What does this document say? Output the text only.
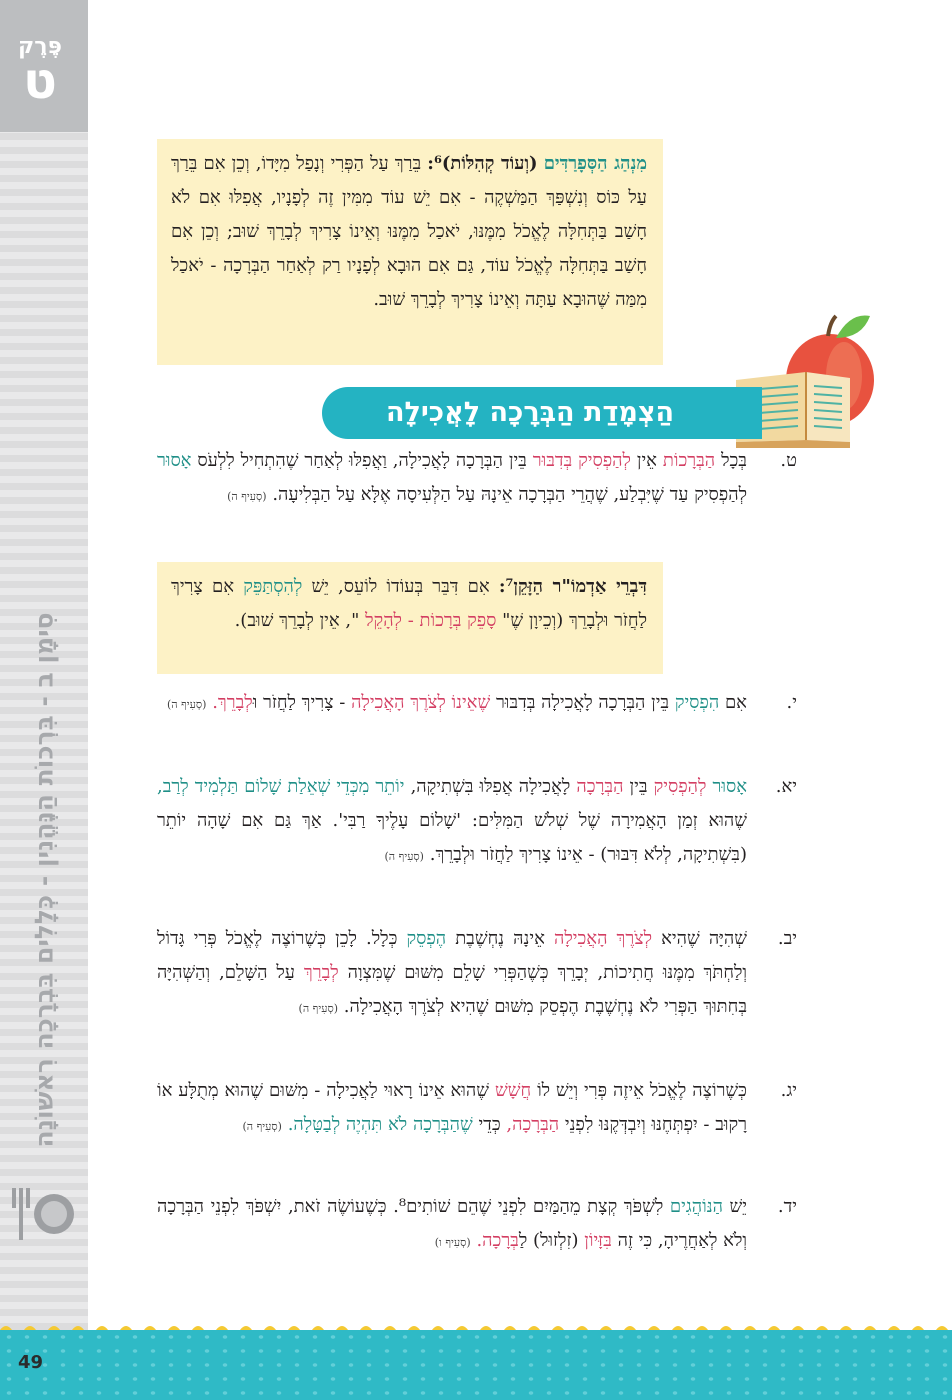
פֶּרֶק
ט
סִימָן ב - בִּרְכוֹת הַנֶּהֱנִין - כְּלָלִים בִּבְרָכָה רִאשׁוֹנָה
מִנְהַג הַסְּפָרַדִּים (וְעוֹד קְהִלּוֹת)⁶: בֵּרַךְ עַל הַפְּרִי וְנָפַל מִיָּדוֹ, וְכֵן אִם בֵּרַךְ עַל כּוֹס וְנִשְׁפַּךְ הַמַּשְׁקֶה - אִם יֵשׁ עוֹד מִמִּין זֶה לְפָנָיו, אֲפִלּוּ אִם לֹא חָשַׁב בַּתְּחִלָּה לֶאֱכֹל מִמֶּנּוּ, יֹאכַל מִמֶּנּוּ וְאֵינוֹ צָרִיךְ לְבָרֵךְ שׁוּב; וְכֵן אִם חָשַׁב בַּתְּחִלָּה לֶאֱכֹל עוֹד, גַּם אִם הוּבָא לְפָנָיו רַק לְאַחַר הַבְּרָכָה - יֹאכַל מִמַּה שֶּׁהוּבָא עַתָּה וְאֵינוֹ צָרִיךְ לְבָרֵךְ שׁוּב.
הַצְמָדַת הַבְּרָכָה לָאֲכִילָה
ט.
בְּכָל הַבְּרָכוֹת אֵין לְהַפְסִיק בְּדִבּוּר בֵּין הַבְּרָכָה לָאֲכִילָה, וַאֲפִלּוּ לְאַחַר שֶׁהִתְחִיל לִלְעֹס אָסוּר לְהַפְסִיק עַד שֶׁיִּבְלַע, שֶׁהֲרֵי הַבְּרָכָה אֵינָהּ עַל הַלְּעִיסָה אֶלָּא עַל הַבְּלִיעָה. (סְעִיף ה)
דִּבְרֵי אַדְמוֹ"ר הַזָּקֵן⁷: אִם דִּבֵּר בְּעוֹדוֹ לוֹעֵס, יֵשׁ לְהִסְתַּפֵּק אִם צָרִיךְ לַחֲזֹר וּלְבָרֵךְ (וְכֵיוָן שֶׁ" סָפֵק בְּרָכוֹת - לְהָקֵל ", אֵין לְבָרֵךְ שׁוּב).
י.
אִם הִפְסִיק בֵּין הַבְּרָכָה לָאֲכִילָה בְּדִבּוּר שֶׁאֵינוֹ לְצֹרֶךְ הָאֲכִילָה - צָרִיךְ לַחֲזֹר וּלְבָרֵךְ. (סְעִיף ה)
יא.
אָסוּר לְהַפְסִיק בֵּין הַבְּרָכָה לָאֲכִילָה אֲפִלּוּ בִּשְׁתִיקָה, יוֹתֵר מִכְּדֵי שְׁאֵלַת שָׁלוֹם תַּלְמִיד לְרַב, שֶׁהוּא זְמַן הָאֲמִירָה שֶׁל שְׁלֹשׁ הַמִּלִּים: 'שָׁלוֹם עָלֶיךָ רַבִּי'. אַךְ גַּם אִם שָׁהָה יוֹתֵר (בִּשְׁתִיקָה, לְלֹא דִּבּוּר) - אֵינוֹ צָרִיךְ לַחֲזֹר וּלְבָרֵךְ. (סְעִיף ה)
יב.
שְׁהִיָּה שֶׁהִיא לְצֹרֶךְ הָאֲכִילָה אֵינָהּ נֶחְשֶׁבֶת הֶפְסֵק כְּלָל. לָכֵן כְּשֶׁרוֹצֶה לֶאֱכֹל פְּרִי גָּדוֹל וְלַחְתֹּךְ מִמֶּנּוּ חֲתִיכוֹת, יְבָרֵךְ כְּשֶׁהַפְּרִי שָׁלֵם מִשּׁוּם שֶׁמִּצְוָה לְבָרֵךְ עַל הַשָּׁלֵם, וְהַשְּׁהִיָּה בְּחִתּוּךְ הַפְּרִי לֹא נֶחְשֶׁבֶת הֶפְסֵק מִשּׁוּם שֶׁהִיא לְצֹרֶךְ הָאֲכִילָה. (סְעִיף ה)
יג.
כְּשֶׁרוֹצֶה לֶאֱכֹל אֵיזֶה פְּרִי וְיֵשׁ לוֹ חֲשָׁשׁ שֶׁהוּא אֵינוֹ רָאוּי לַאֲכִילָה - מִשּׁוּם שֶׁהוּא מְתֻלָּע אוֹ רָקוּב - יִפְתְּחֶנּוּ וְיִבְדְּקֶנּוּ לִפְנֵי הַבְּרָכָה, כְּדֵי שֶׁהַבְּרָכָה לֹא תִּהְיֶה לְבַטָּלָה. (סְעִיף ה)
יד.
יֵשׁ הַנּוֹהֲגִים לִשְׁפֹּךְ קְצָת מֵהַמַּיִם לִפְנֵי שֶׁהֵם שׁוֹתִים⁸. כְּשֶׁעוֹשֶׂה זֹאת, יִשְׁפֹּךְ לִפְנֵי הַבְּרָכָה וְלֹא לְאַחֲרֶיהָ, כִּי זֶה בִּזָּיוֹן (זִלְזוּל) לַבְּרָכָה. (סְעִיף ו)
49
